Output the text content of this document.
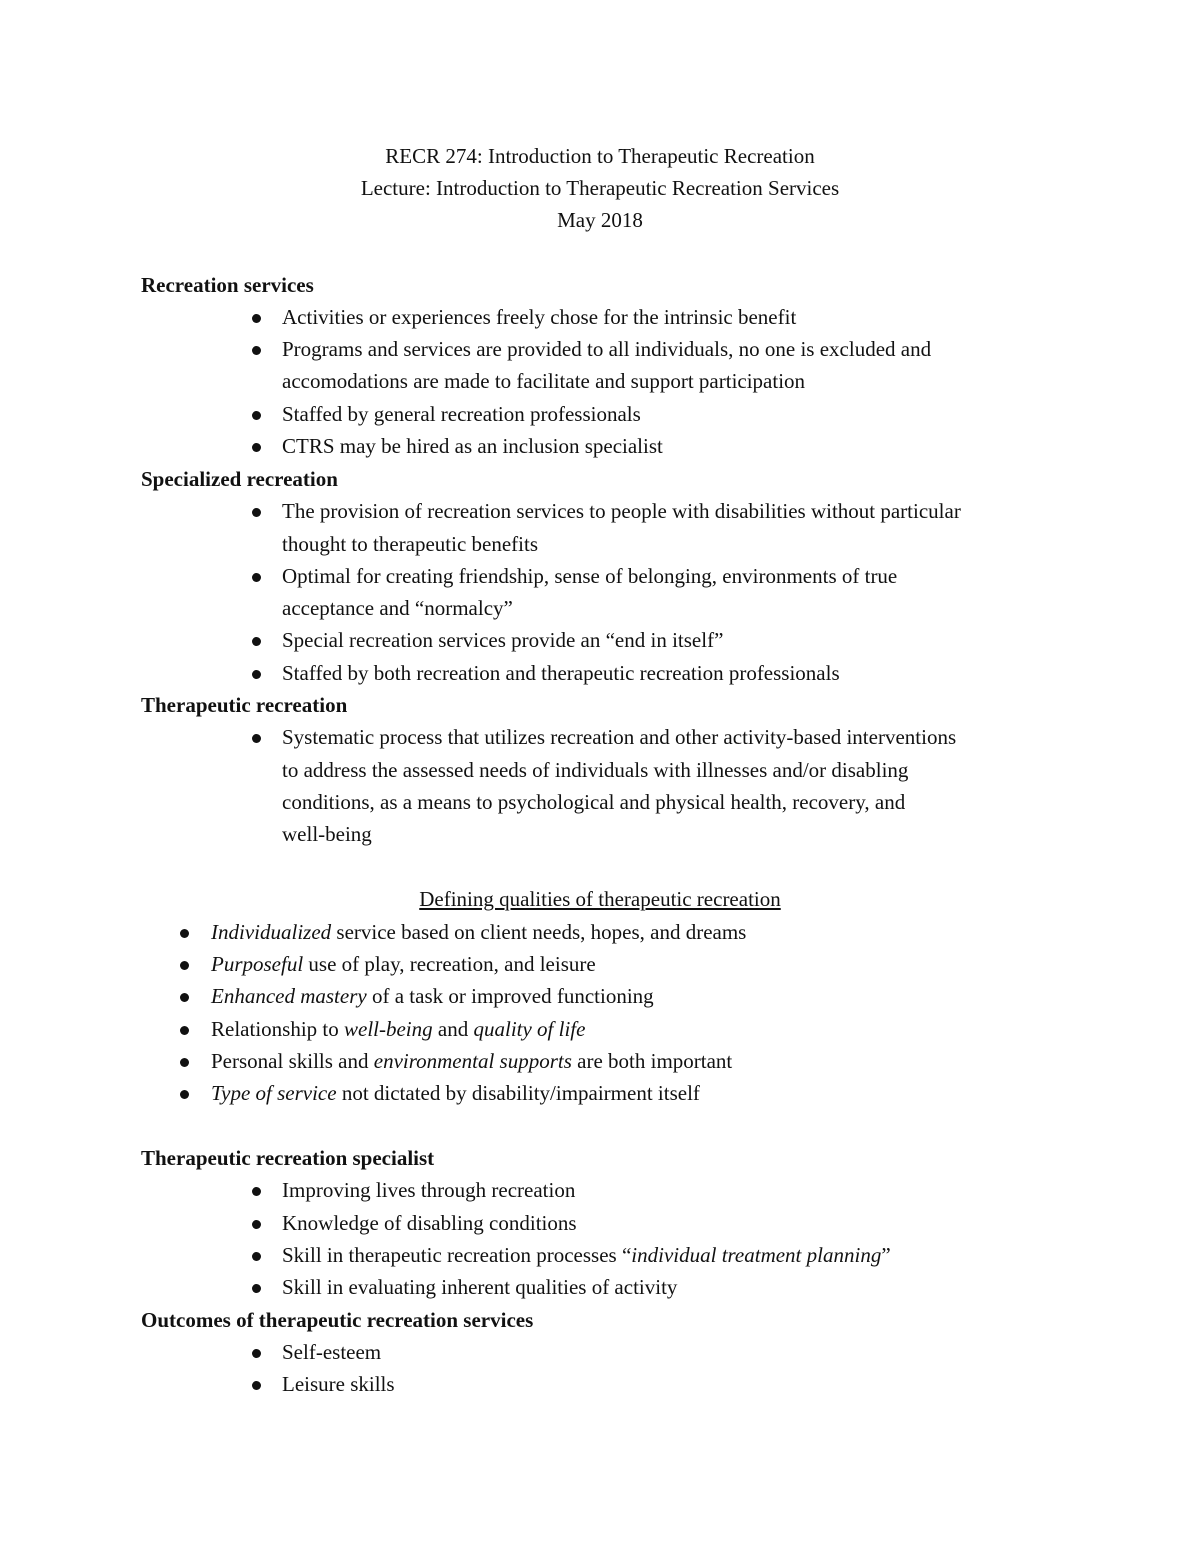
RECR 274: Introduction to Therapeutic Recreation
Lecture: Introduction to Therapeutic Recreation Services
May 2018
Recreation services
Activities or experiences freely chose for the intrinsic benefit
Programs and services are provided to all individuals, no one is excluded and
accomodations are made to facilitate and support participation
Staffed by general recreation professionals
CTRS may be hired as an inclusion specialist
Specialized recreation
The provision of recreation services to people with disabilities without particular
thought to therapeutic benefits
Optimal for creating friendship, sense of belonging, environments of true
acceptance and “normalcy”
Special recreation services provide an “end in itself”
Staffed by both recreation and therapeutic recreation professionals
Therapeutic recreation
Systematic process that utilizes recreation and other activity-based interventions
to address the assessed needs of individuals with illnesses and/or disabling
conditions, as a means to psychological and physical health, recovery, and
well-being
Defining qualities of therapeutic recreation
Individualized service based on client needs, hopes, and dreams
Purposeful use of play, recreation, and leisure
Enhanced mastery of a task or improved functioning
Relationship to well-being and quality of life
Personal skills and environmental supports are both important
Type of service not dictated by disability/impairment itself
Therapeutic recreation specialist
Improving lives through recreation
Knowledge of disabling conditions
Skill in therapeutic recreation processes “individual treatment planning”
Skill in evaluating inherent qualities of activity
Outcomes of therapeutic recreation services
Self-esteem
Leisure skills
